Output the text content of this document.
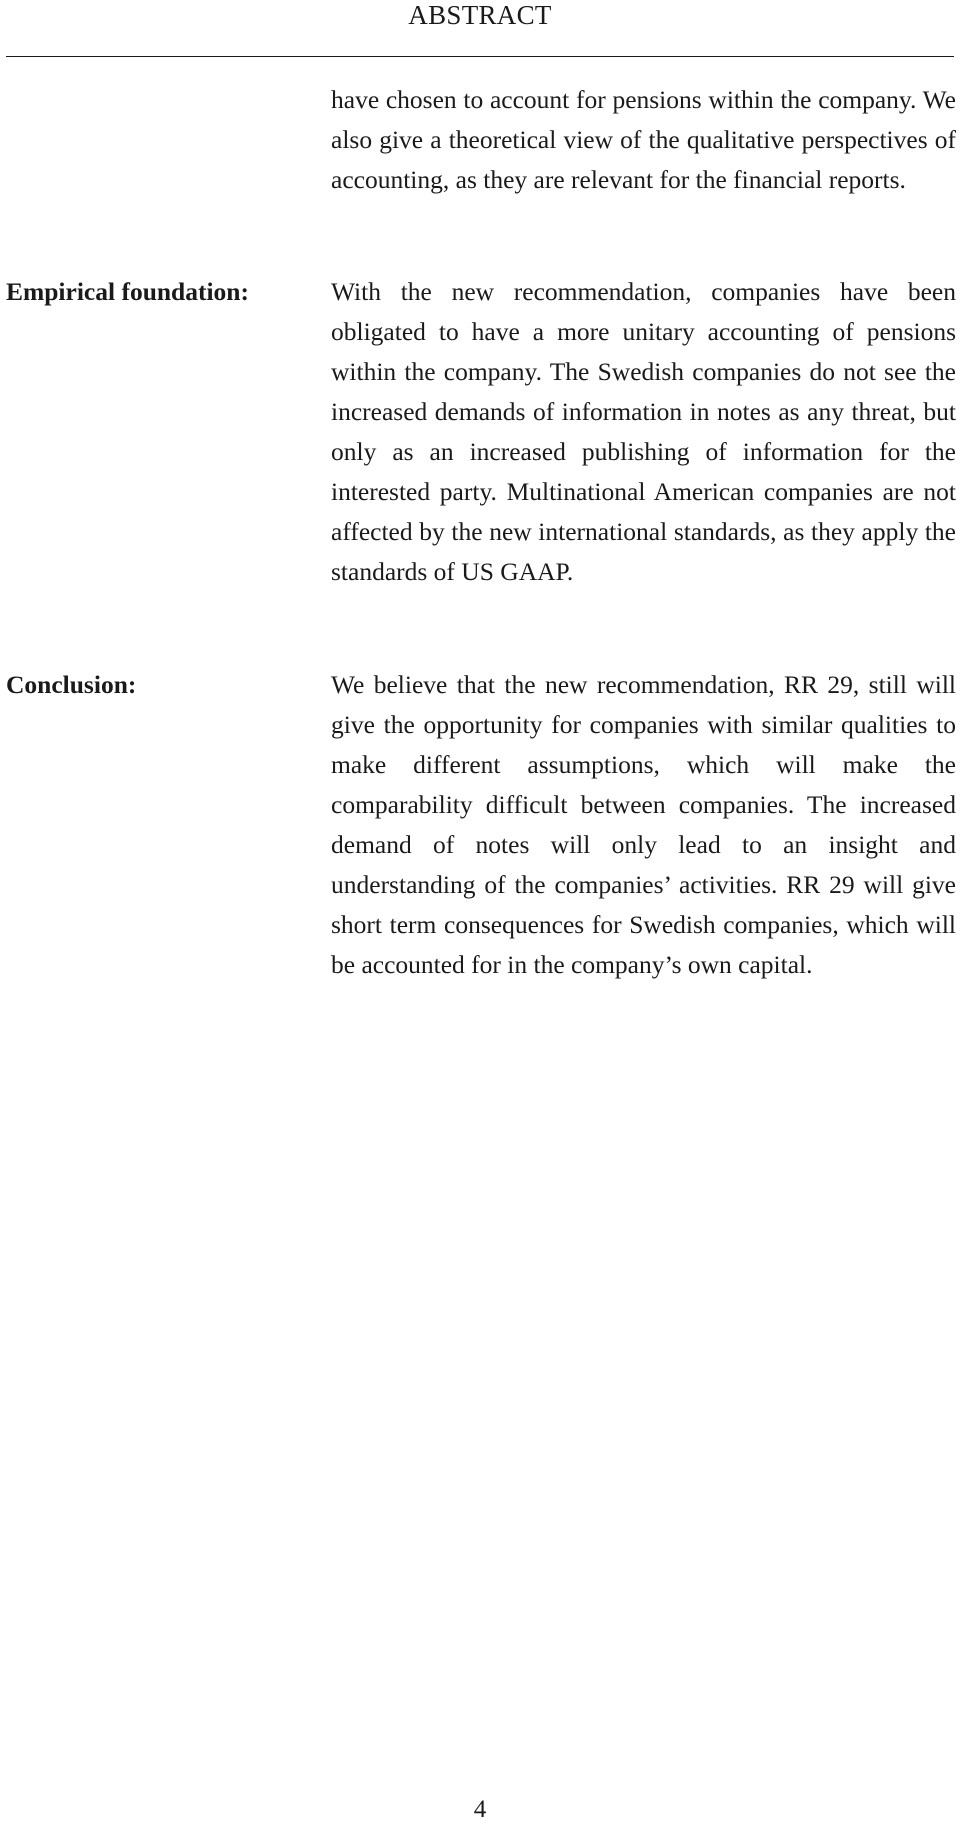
ABSTRACT

have chosen to account for pensions within the company. We also give a theoretical view of the qualitative perspectives of accounting, as they are relevant for the financial reports.

Empirical foundation:	With the new recommendation, companies have been obligated to have a more unitary accounting of pensions within the company. The Swedish companies do not see the increased demands of information in notes as any threat, but only as an increased publishing of information for the interested party. Multinational American companies are not affected by the new international standards, as they apply the standards of US GAAP.

Conclusion:	We believe that the new recommendation, RR 29, still will give the opportunity for companies with similar qualities to make different assumptions, which will make the comparability difficult between companies. The increased demand of notes will only lead to an insight and understanding of the companies’ activities. RR 29 will give short term consequences for Swedish companies, which will be accounted for in the company’s own capital.

4
